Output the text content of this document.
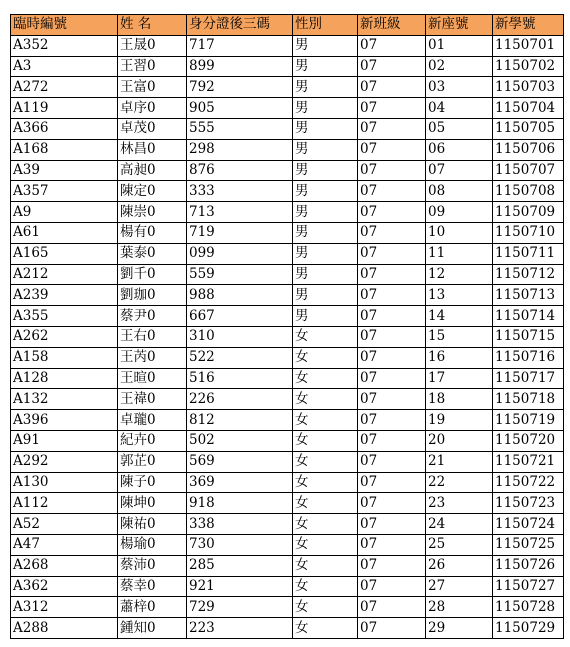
臨時編號	姓 名	身分證後三碼	性別	新班級	新座號	新學號
A352	王晟0	717	男	07	01	1150701
A3	王習0	899	男	07	02	1150702
A272	王富0	792	男	07	03	1150703
A119	卓序0	905	男	07	04	1150704
A366	卓茂0	555	男	07	05	1150705
A168	林昌0	298	男	07	06	1150706
A39	高昶0	876	男	07	07	1150707
A357	陳定0	333	男	07	08	1150708
A9	陳崇0	713	男	07	09	1150709
A61	楊有0	719	男	07	10	1150710
A165	葉泰0	099	男	07	11	1150711
A212	劉千0	559	男	07	12	1150712
A239	劉珈0	988	男	07	13	1150713
A355	蔡尹0	667	男	07	14	1150714
A262	王右0	310	女	07	15	1150715
A158	王芮0	522	女	07	16	1150716
A128	王暄0	516	女	07	17	1150717
A132	王禕0	226	女	07	18	1150718
A396	卓瓏0	812	女	07	19	1150719
A91	紀卉0	502	女	07	20	1150720
A292	郭芷0	569	女	07	21	1150721
A130	陳子0	369	女	07	22	1150722
A112	陳坤0	918	女	07	23	1150723
A52	陳祐0	338	女	07	24	1150724
A47	楊瑜0	730	女	07	25	1150725
A268	蔡沛0	285	女	07	26	1150726
A362	蔡幸0	921	女	07	27	1150727
A312	蕭梓0	729	女	07	28	1150728
A288	鍾知0	223	女	07	29	1150729
